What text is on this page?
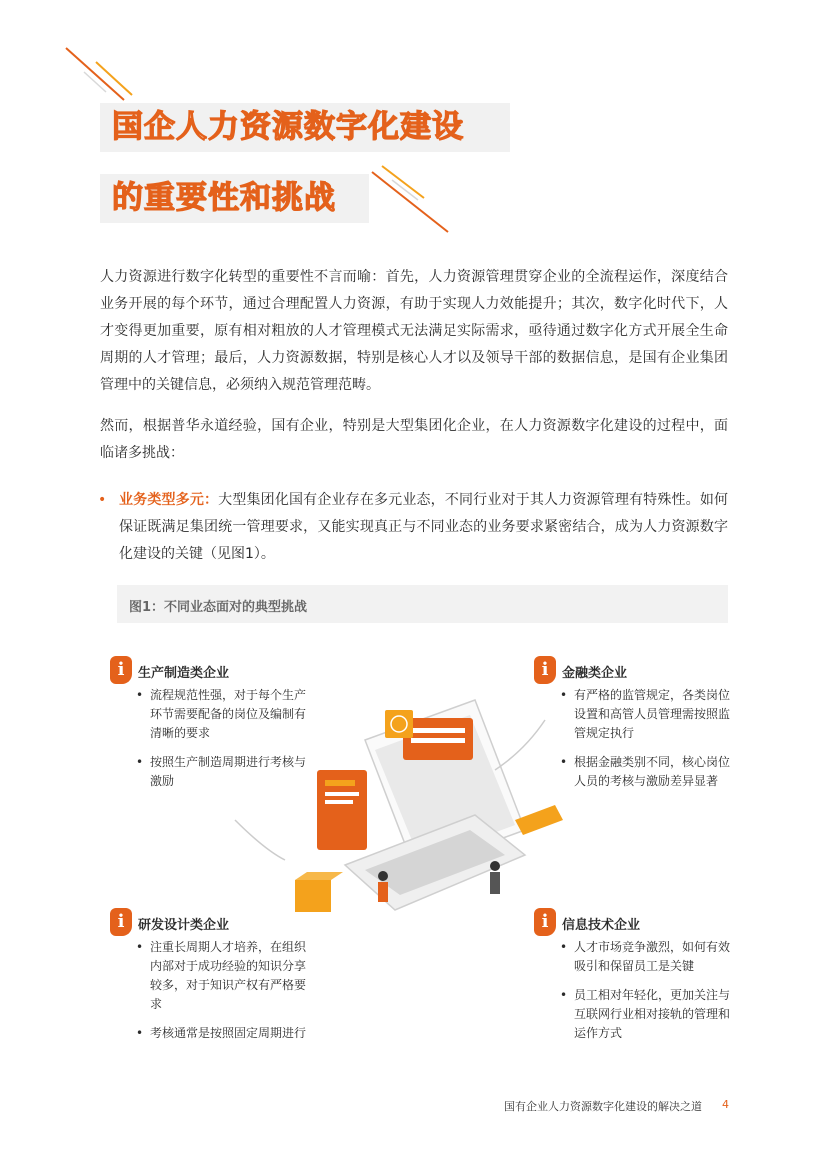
国企人力资源数字化建设
的重要性和挑战

人力资源进行数字化转型的重要性不言而喻：首先，人力资源管理贯穿企业的全流程运作，深度结合业务开展的每个环节，通过合理配置人力资源，有助于实现人力效能提升；其次，数字化时代下，人才变得更加重要，原有相对粗放的人才管理模式无法满足实际需求，亟待通过数字化方式开展全生命周期的人才管理；最后，人力资源数据，特别是核心人才以及领导干部的数据信息，是国有企业集团管理中的关键信息，必须纳入规范管理范畴。

然而，根据普华永道经验，国有企业，特别是大型集团化企业，在人力资源数字化建设的过程中，面临诸多挑战：

• 业务类型多元：大型集团化国有企业存在多元业态，不同行业对于其人力资源管理有特殊性。如何保证既满足集团统一管理要求，又能实现真正与不同业态的业务要求紧密结合，成为人力资源数字化建设的关键（见图1）。
图1：不同业态面对的典型挑战
i	生产制造类企业
• 流程规范性强，对于每个生产环节需要配备的岗位及编制有清晰的要求
• 按照生产制造周期进行考核与激励
i	金融类企业
• 有严格的监管规定，各类岗位设置和高管人员管理需按照监管规定执行
• 根据金融类别不同，核心岗位人员的考核与激励差异显著
i	研发设计类企业
• 注重长周期人才培养，在组织内部对于成功经验的知识分享较多，对于知识产权有严格要求
• 考核通常是按照固定周期进行
i	信息技术企业
• 人才市场竞争激烈，如何有效吸引和保留员工是关键
• 员工相对年轻化，更加关注与互联网行业相对接轨的管理和运作方式
国有企业人力资源数字化建设的解决之道 4
